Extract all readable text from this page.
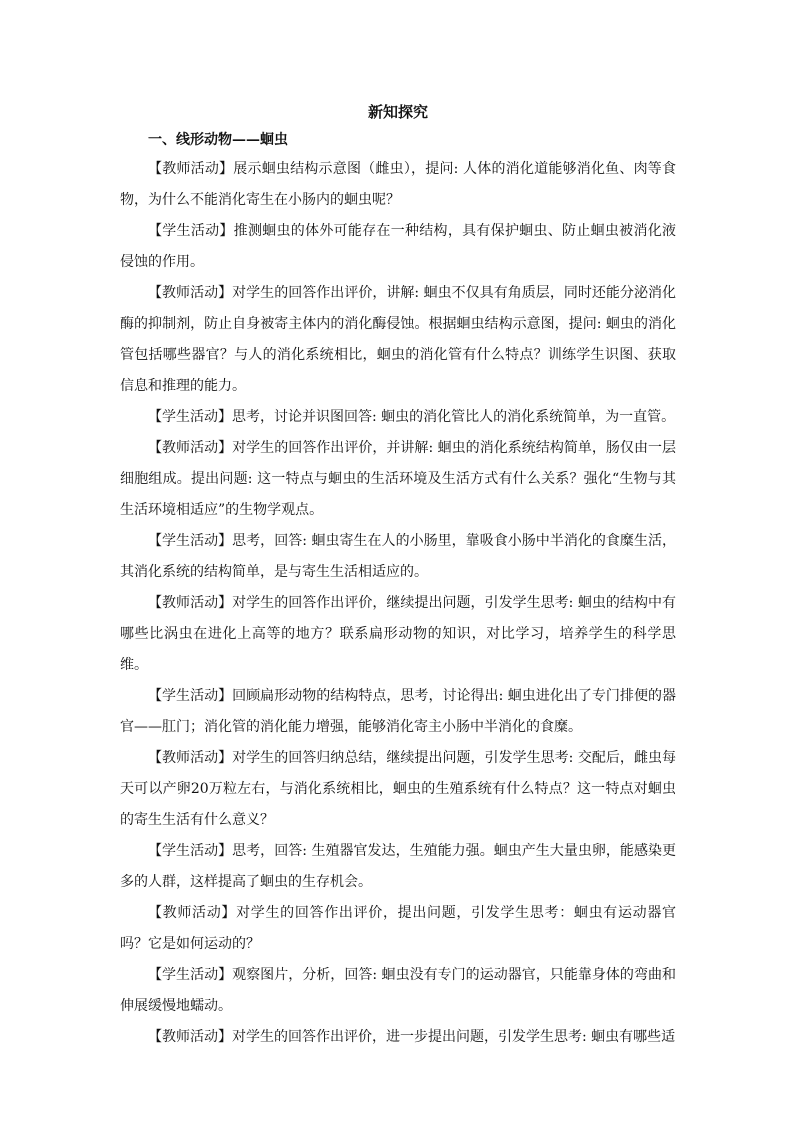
新知探究
一、线形动物——蛔虫

【教师活动】展示蛔虫结构示意图（雌虫），提问: 人体的消化道能够消化鱼、肉等食物，为什么不能消化寄生在小肠内的蛔虫呢？

【学生活动】推测蛔虫的体外可能存在一种结构，具有保护蛔虫、防止蛔虫被消化液侵蚀的作用。

【教师活动】对学生的回答作出评价，讲解: 蛔虫不仅具有角质层，同时还能分泌消化酶的抑制剂，防止自身被寄主体内的消化酶侵蚀。根据蛔虫结构示意图，提问: 蛔虫的消化管包括哪些器官？与人的消化系统相比，蛔虫的消化管有什么特点？训练学生识图、获取信息和推理的能力。

【学生活动】思考，讨论并识图回答: 蛔虫的消化管比人的消化系统简单，为一直管。

【教师活动】对学生的回答作出评价，并讲解: 蛔虫的消化系统结构简单，肠仅由一层细胞组成。提出问题: 这一特点与蛔虫的生活环境及生活方式有什么关系？强化“生物与其生活环境相适应”的生物学观点。

【学生活动】思考，回答: 蛔虫寄生在人的小肠里，靠吸食小肠中半消化的食糜生活，其消化系统的结构简单，是与寄生生活相适应的。

【教师活动】对学生的回答作出评价，继续提出问题，引发学生思考: 蛔虫的结构中有哪些比涡虫在进化上高等的地方？联系扁形动物的知识，对比学习，培养学生的科学思维。

【学生活动】回顾扁形动物的结构特点，思考，讨论得出: 蛔虫进化出了专门排便的器官——肛门；消化管的消化能力增强，能够消化寄主小肠中半消化的食糜。

【教师活动】对学生的回答归纳总结，继续提出问题，引发学生思考: 交配后，雌虫每天可以产卵20万粒左右，与消化系统相比，蛔虫的生殖系统有什么特点？这一特点对蛔虫的寄生生活有什么意义？

【学生活动】思考，回答: 生殖器官发达，生殖能力强。蛔虫产生大量虫卵，能感染更多的人群，这样提高了蛔虫的生存机会。

【教师活动】对学生的回答作出评价，提出问题，引发学生思考：蛔虫有运动器官吗？它是如何运动的？

【学生活动】观察图片，分析，回答: 蛔虫没有专门的运动器官，只能靠身体的弯曲和伸展缓慢地蠕动。

【教师活动】对学生的回答作出评价，进一步提出问题，引发学生思考: 蛔虫有哪些适
